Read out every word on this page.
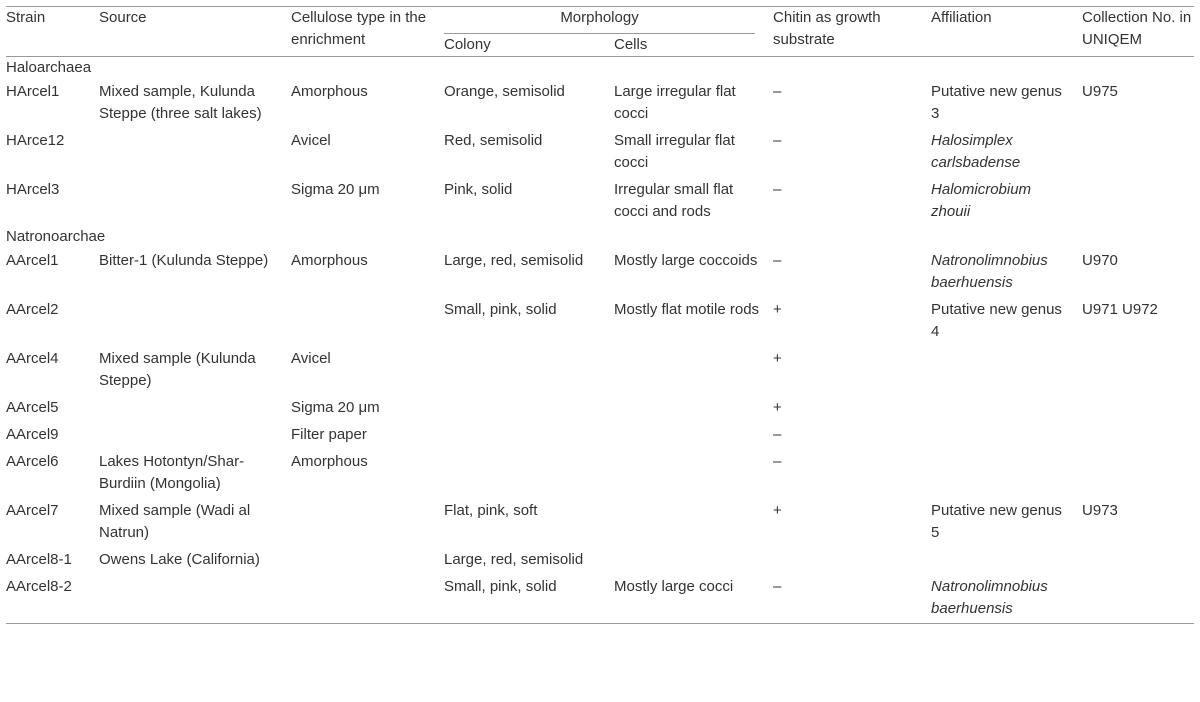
Strain	Source	Cellulose type in the enrichment	Morphology		Chitin as growth substrate	Affiliation	Collection No. in UNIQEM
			Colony	Cells			
Haloarchaea							
HArcel1	Mixed sample, Kulunda Steppe (three salt lakes)	Amorphous	Orange, semisolid	Large irregular flat cocci	–	Putative new genus 3	U975
HArce12		Avicel	Red, semisolid	Small irregular flat cocci	–	Halosimplex carlsbadense	
HArcel3		Sigma 20 μm	Pink, solid	Irregular small flat cocci and rods	–	Halomicrobium zhouii	
Natronoarchae							
AArcel1	Bitter-1 (Kulunda Steppe)	Amorphous	Large, red, semisolid	Mostly large coccoids	–	Natronolimnobius baerhuensis	U970
AArcel2			Small, pink, solid	Mostly flat motile rods	+	Putative new genus 4	U971 U972
AArcel4	Mixed sample (Kulunda Steppe)	Avicel			+		
AArcel5		Sigma 20 μm			+		
AArcel9		Filter paper			–		
AArcel6	Lakes Hotontyn/Shar-Burdiin (Mongolia)	Amorphous			–		
AArcel7	Mixed sample (Wadi al Natrun)		Flat, pink, soft		+	Putative new genus 5	U973
AArcel8-1	Owens Lake (California)		Large, red, semisolid				
AArcel8-2			Small, pink, solid	Mostly large cocci	–	Natronolimnobius baerhuensis	
